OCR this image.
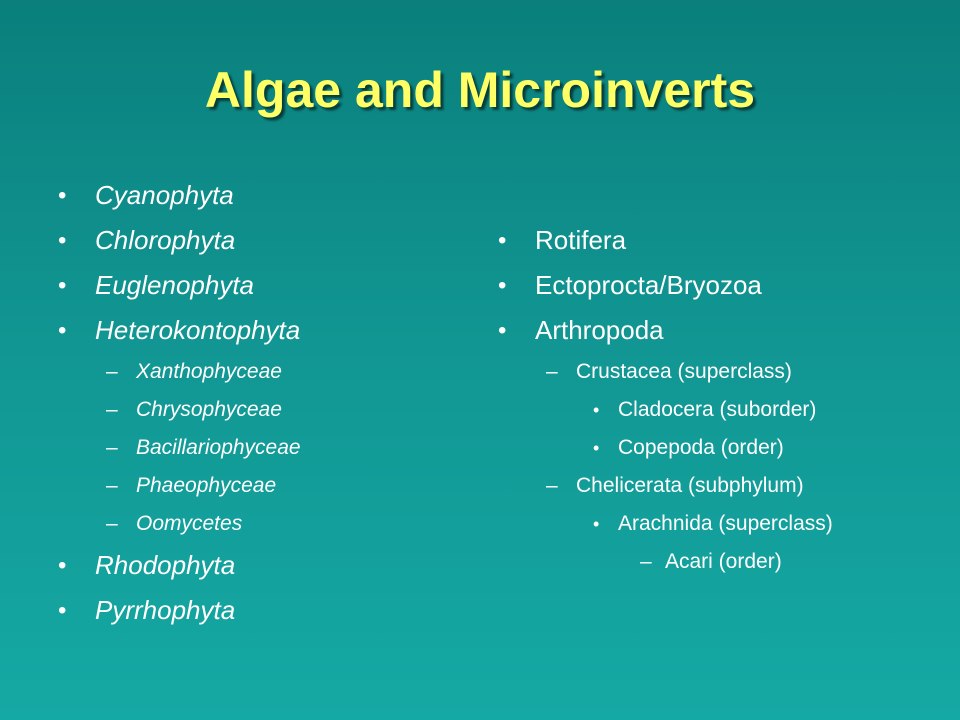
Algae and Microinverts
• Cyanophyta
• Chlorophyta
• Euglenophyta
• Heterokontophyta
– Xanthophyceae
– Chrysophyceae
– Bacillariophyceae
– Phaeophyceae
– Oomycetes
• Rhodophyta
• Pyrrhophyta
• Rotifera
• Ectoprocta/Bryozoa
• Arthropoda
– Crustacea (superclass)
• Cladocera (suborder)
• Copepoda (order)
– Chelicerata (subphylum)
• Arachnida (superclass)
– Acari (order)
